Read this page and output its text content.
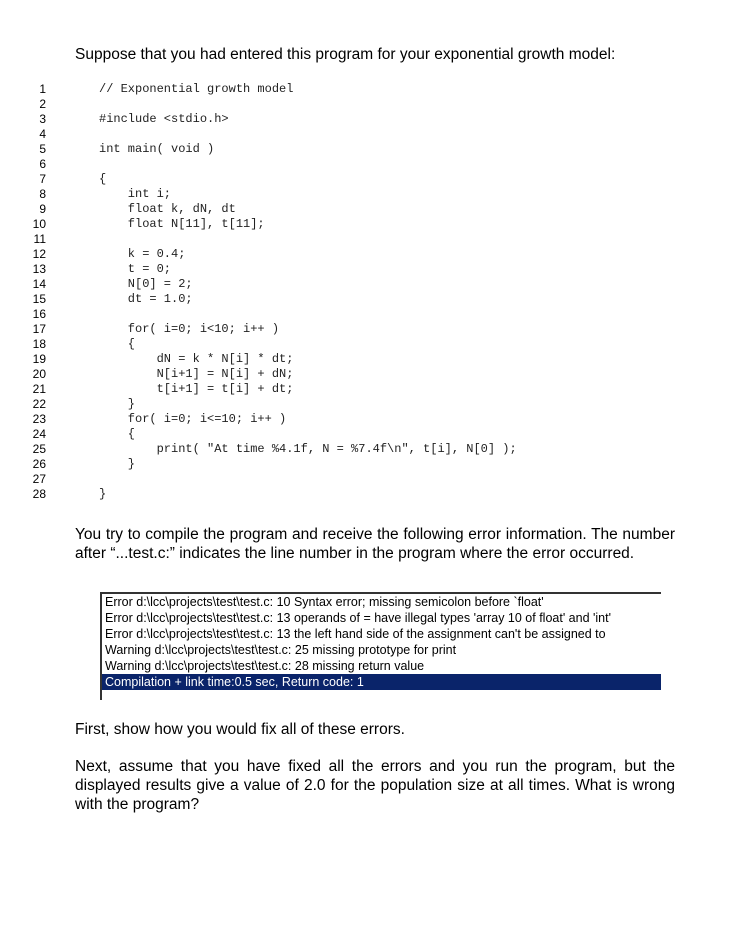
Suppose that you had entered this program for your exponential growth model:

1
2
3
4
5
6
7
8
9
10
11
12
13
14
15
16
17
18
19
20
21
22
23
24
25
26
27
28
// Exponential growth model
#include <stdio.h>
int main( void )
{
int i;
float k, dN, dt
float N[11], t[11];
k = 0.4;
t = 0;
N[0] = 2;
dt = 1.0;
for( i=0; i<10; i++ )
{
dN = k * N[i] * dt;
N[i+1] = N[i] + dN;
t[i+1] = t[i] + dt;
}
for( i=0; i<=10; i++ )
{
print( "At time %4.1f, N = %7.4f\n", t[i], N[0] );
}
}

You try to compile the program and receive the following error information. The number after “...test.c:” indicates the line number in the program where the error occurred.

Error d:\lcc\projects\test\test.c: 10 Syntax error; missing semicolon before `float'
Error d:\lcc\projects\test\test.c: 13 operands of = have illegal types 'array 10 of float' and 'int'
Error d:\lcc\projects\test\test.c: 13 the left hand side of the assignment can't be assigned to
Warning d:\lcc\projects\test\test.c: 25 missing prototype for print
Warning d:\lcc\projects\test\test.c: 28 missing return value
Compilation + link time:0.5 sec, Return code: 1

First, show how you would fix all of these errors.

Next, assume that you have fixed all the errors and you run the program, but the displayed results give a value of 2.0 for the population size at all times. What is wrong with the program?
